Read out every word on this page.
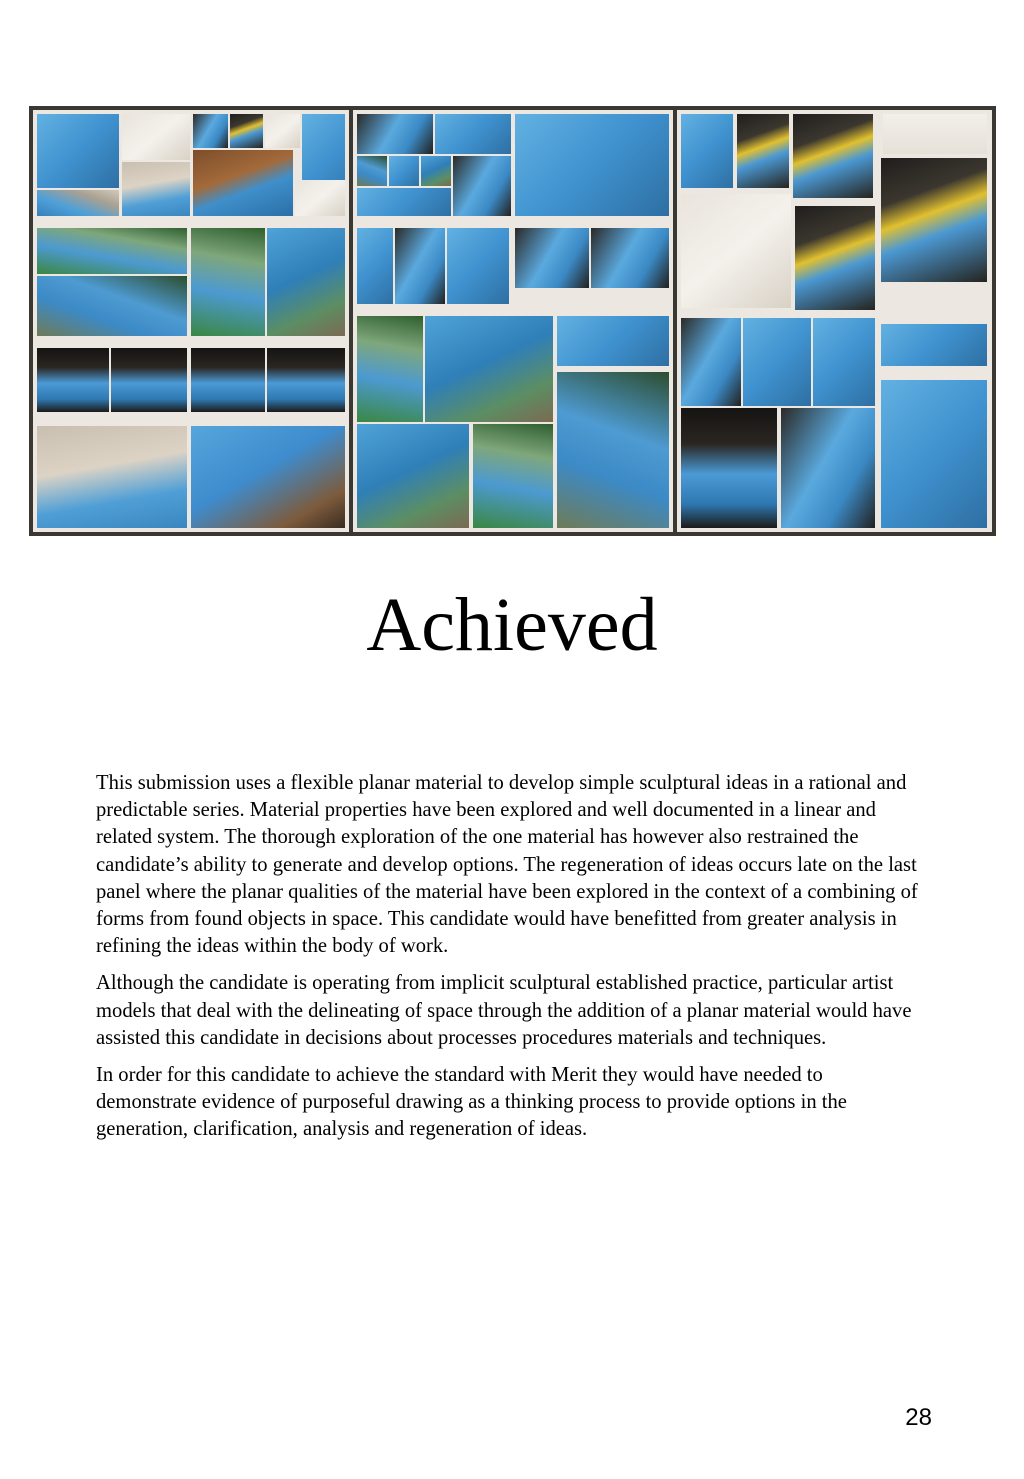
Achieved

This submission uses a flexible planar material to develop simple sculptural ideas in a rational and predictable series. Material properties have been explored and well documented in a linear and related system. The thorough exploration of the one material has however also restrained the candidate’s ability to generate and develop options. The regeneration of ideas occurs late on the last panel where the planar qualities of the material have been explored in the context of a combining of forms from found objects in space. This candidate would have benefitted from greater analysis in refining the ideas within the body of work.

Although the candidate is operating from implicit sculptural established practice, particular artist models that deal with the delineating of space through the addition of a planar material would have assisted this candidate in decisions about processes procedures materials and techniques.

In order for this candidate to achieve the standard with Merit they would have needed to demonstrate evidence of purposeful drawing as a thinking process to provide options in the generation, clarification, analysis and regeneration of ideas.

28
